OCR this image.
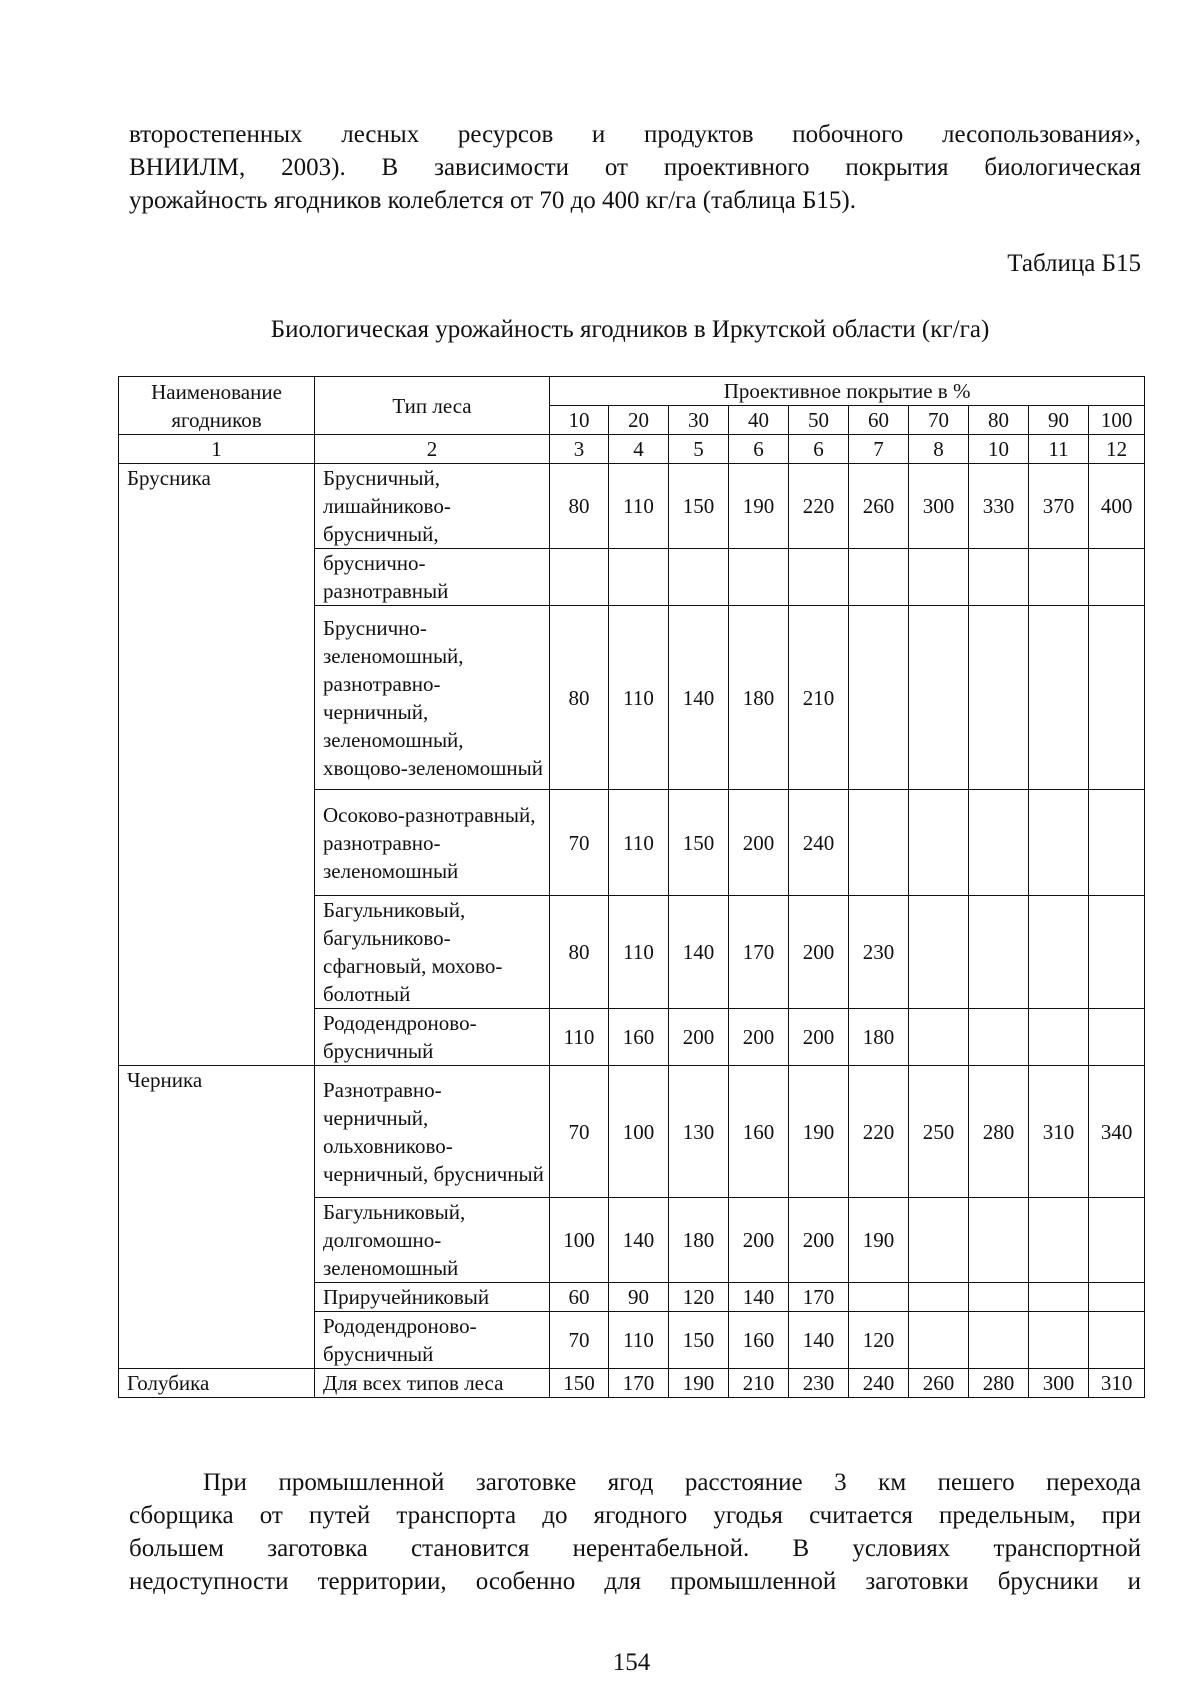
второстепенных лесных ресурсов и продуктов побочного лесопользования»,
ВНИИЛМ, 2003). В зависимости от проективного покрытия биологическая
урожайность ягодников колеблется от 70 до 400 кг/га (таблица Б15).
Таблица Б15
Биологическая урожайность ягодников в Иркутской области (кг/га)
Наименование ягодников	Тип леса	Проективное покрытие в %									
		10	20	30	40	50	60	70	80	90	100
1	2	3	4	5	6	6	7	8	10	11	12
Брусника	Брусничный, лишайниково-брусничный,	80	110	150	190	220	260	300	330	370	400
	бруснично-разнотравный										
	Бруснично-зеленомошный, разнотравно-черничный, зеленомошный, хвощово-зеленомошный	80	110	140	180	210					
	Осоково-разнотравный, разнотравно-зеленомошный	70	110	150	200	240					
	Багульниковый, багульниково-сфагновый, мохово-болотный	80	110	140	170	200	230				
	Рододендроново-брусничный	110	160	200	200	200	180				
Черника	Разнотравно-черничный, ольховниково-черничный, брусничный	70	100	130	160	190	220	250	280	310	340
	Багульниковый, долгомошно-зеленомошный	100	140	180	200	200	190				
	Приручейниковый	60	90	120	140	170					
	Рододендроново-брусничный	70	110	150	160	140	120				
Голубика	Для всех типов леса	150	170	190	210	230	240	260	280	300	310
При промышленной заготовке ягод расстояние 3 км пешего перехода
сборщика от путей транспорта до ягодного угодья считается предельным, при
большем заготовка становится нерентабельной. В условиях транспортной
недоступности территории, особенно для промышленной заготовки брусники и
154
